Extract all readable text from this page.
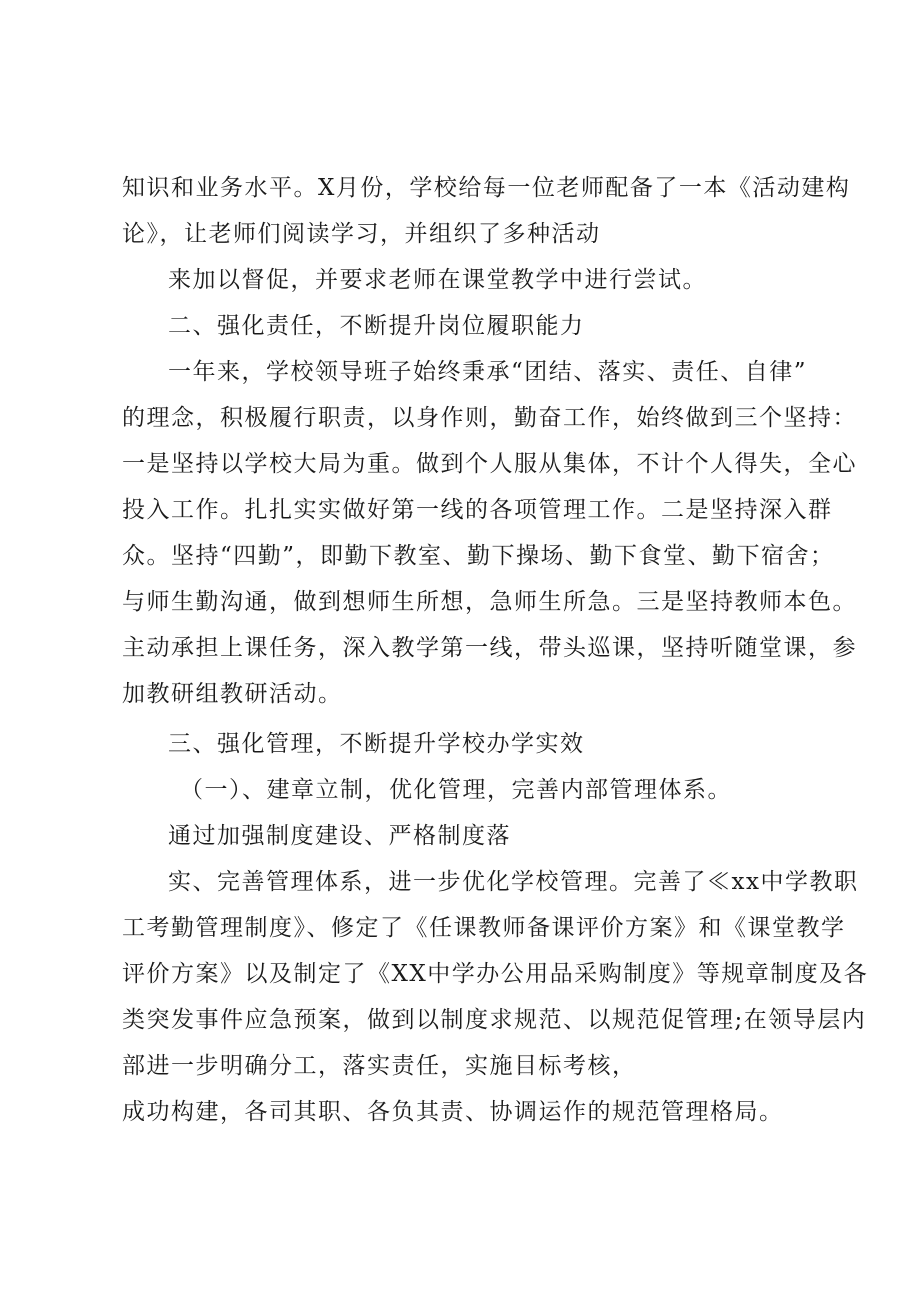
知识和业务水平。X月份，学校给每一位老师配备了一本《活动建构
论》，让老师们阅读学习，并组织了多种活动
来加以督促，并要求老师在课堂教学中进行尝试。
二、强化责任，不断提升岗位履职能力
一年来，学校领导班子始终秉承“团结、落实、责任、自律”
的理念，积极履行职责，以身作则，勤奋工作，始终做到三个坚持：
一是坚持以学校大局为重。做到个人服从集体，不计个人得失，全心
投入工作。扎扎实实做好第一线的各项管理工作。二是坚持深入群
众。坚持“四勤”，即勤下教室、勤下操场、勤下食堂、勤下宿舍；
与师生勤沟通，做到想师生所想，急师生所急。三是坚持教师本色。
主动承担上课任务，深入教学第一线，带头巡课，坚持听随堂课，参
加教研组教研活动。
三、强化管理，不断提升学校办学实效
（一）、建章立制，优化管理，完善内部管理体系。
通过加强制度建设、严格制度落
实、完善管理体系，进一步优化学校管理。完善了≪xx中学教职
工考勤管理制度》、修定了《任课教师备课评价方案》和《课堂教学
评价方案》以及制定了《XX中学办公用品采购制度》等规章制度及各
类突发事件应急预案，做到以制度求规范、以规范促管理;在领导层内
部进一步明确分工，落实责任，实施目标考核，
成功构建，各司其职、各负其责、协调运作的规范管理格局。
